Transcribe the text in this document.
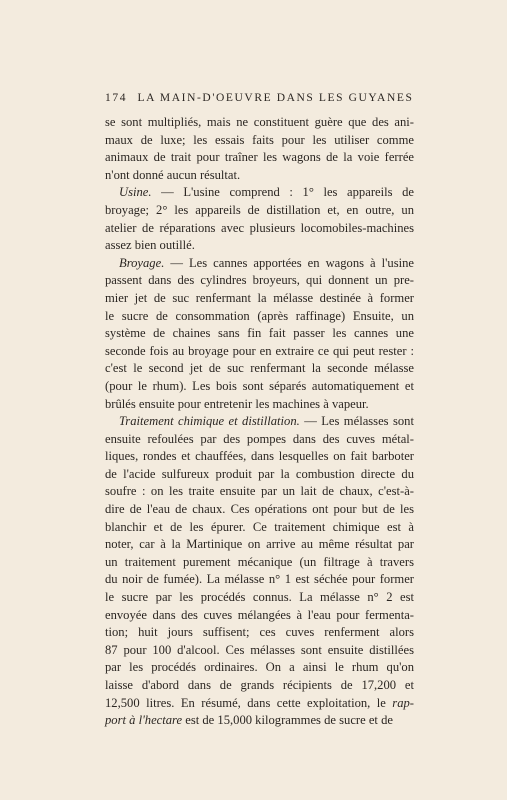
174 LA MAIN-D'OEUVRE DANS LES GUYANES
se sont multipliés, mais ne constituent guère que des ani-
maux de luxe; les essais faits pour les utiliser comme
animaux de trait pour traîner les wagons de la voie ferrée
n'ont donné aucun résultat.
Usine. — L'usine comprend : 1° les appareils de
broyage; 2° les appareils de distillation et, en outre, un
atelier de réparations avec plusieurs locomobiles-machines
assez bien outillé.
Broyage. — Les cannes apportées en wagons à l'usine
passent dans des cylindres broyeurs, qui donnent un pre-
mier jet de suc renfermant la mélasse destinée à former
le sucre de consommation (après raffinage) Ensuite, un
système de chaines sans fin fait passer les cannes une
seconde fois au broyage pour en extraire ce qui peut rester :
c'est le second jet de suc renfermant la seconde mélasse
(pour le rhum). Les bois sont séparés automatiquement et
brûlés ensuite pour entretenir les machines à vapeur.
Traitement chimique et distillation. — Les mélasses sont
ensuite refoulées par des pompes dans des cuves métal-
liques, rondes et chauffées, dans lesquelles on fait barboter
de l'acide sulfureux produit par la combustion directe du
soufre : on les traite ensuite par un lait de chaux, c'est-à-
dire de l'eau de chaux. Ces opérations ont pour but de les
blanchir et de les épurer. Ce traitement chimique est à
noter, car à la Martinique on arrive au même résultat par
un traitement purement mécanique (un filtrage à travers
du noir de fumée). La mélasse n° 1 est séchée pour former
le sucre par les procédés connus. La mélasse n° 2 est
envoyée dans des cuves mélangées à l'eau pour fermenta-
tion; huit jours suffisent; ces cuves renferment alors
87 pour 100 d'alcool. Ces mélasses sont ensuite distillées
par les procédés ordinaires. On a ainsi le rhum qu'on
laisse d'abord dans de grands récipients de 17,200 et
12,500 litres. En résumé, dans cette exploitation, le rap-
port à l'hectare est de 15,000 kilogrammes de sucre et de
